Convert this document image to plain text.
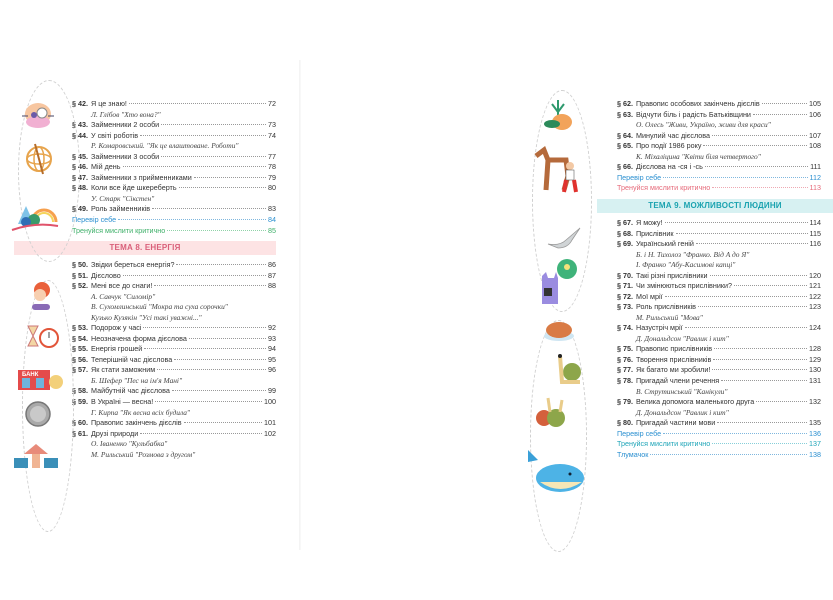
§ 42. Я це знаю!	72
Л. Глібов "Хто вона?"
§ 43. Займенники 2 особи	73
§ 44. У світі роботів	74
Р. Комаровський. "Як це влаштоване. Роботи"
§ 45. Займенники 3 особи	77
§ 46. Мій день	78
§ 47. Займенники з прийменниками	79
§ 48. Коли все йде шкереберть	80
У. Старк "Сікстен"
§ 49. Роль займенників	83
Перевір себе	84
Тренуйся мислити критично	85
ТЕМА 8. ЕНЕРГІЯ
§ 50. Звідки береться енергія?	86
§ 51. Дієслово	87
§ 52. Мені все до снаги!	88
А. Савчук "Силомір"
В. Сухомлинський "Мокра та суха сорочки"
Кузько Кузякін "Усі такі уважні..."
§ 53. Подорож у часі	92
§ 54. Неозначена форма дієслова	93
§ 55. Енергія грошей	94
§ 56. Теперішній час дієслова	95
§ 57. Як стати заможним	96
Б. Шефер "Пес на ім'я Мані"
§ 58. Майбутній час дієслова	99
§ 59. В Україні — весна!	100
Г. Кирпа "Як весна всіх будила"
§ 60. Правопис закінчень дієслів	101
§ 61. Друзі природи	102
О. Іваненко "Кульбабка"
М. Рильський "Розмова з другом"
§ 62. Правопис особових закінчень дієслів	105
§ 63. Відчути біль і радість Батьківщини	106
О. Олесь "Живи, Україно, живи для краси"
§ 64. Минулий час дієслова	107
§ 65. Про події 1986 року	108
К. Міхаліцина "Квіти біля четвертого"
§ 66. Дієслова на -ся і -сь	111
Перевір себе	112
Тренуйся мислити критично	113
ТЕМА 9. МОЖЛИВОСТІ ЛЮДИНИ
§ 67. Я можу!	114
§ 68. Прислівник	115
§ 69. Український геній	116
Б. і Н. Тихолоз "Франко. Від А до Я"
І. Франко "Абу-Касимові капці"
§ 70. Такі різні прислівники	120
§ 71. Чи змінюються прислівники?	121
§ 72. Мої мрії	122
§ 73. Роль прислівників	123
М. Рильський "Мова"
§ 74. Назустріч мрії	124
Д. Дональдсон "Равлик і кит"
§ 75. Правопис прислівників	128
§ 76. Творення прислівників	129
§ 77. Як багато ми зробили!	130
§ 78. Пригадай члени речення	131
В. Струтинський "Канікули"
§ 79. Велика допомога маленького друга	132
Д. Дональдсон "Равлик і кит"
§ 80. Пригадай частини мови	135
Перевір себе	136
Тренуйся мислити критично	137
Тлумачок	138
БАНК
